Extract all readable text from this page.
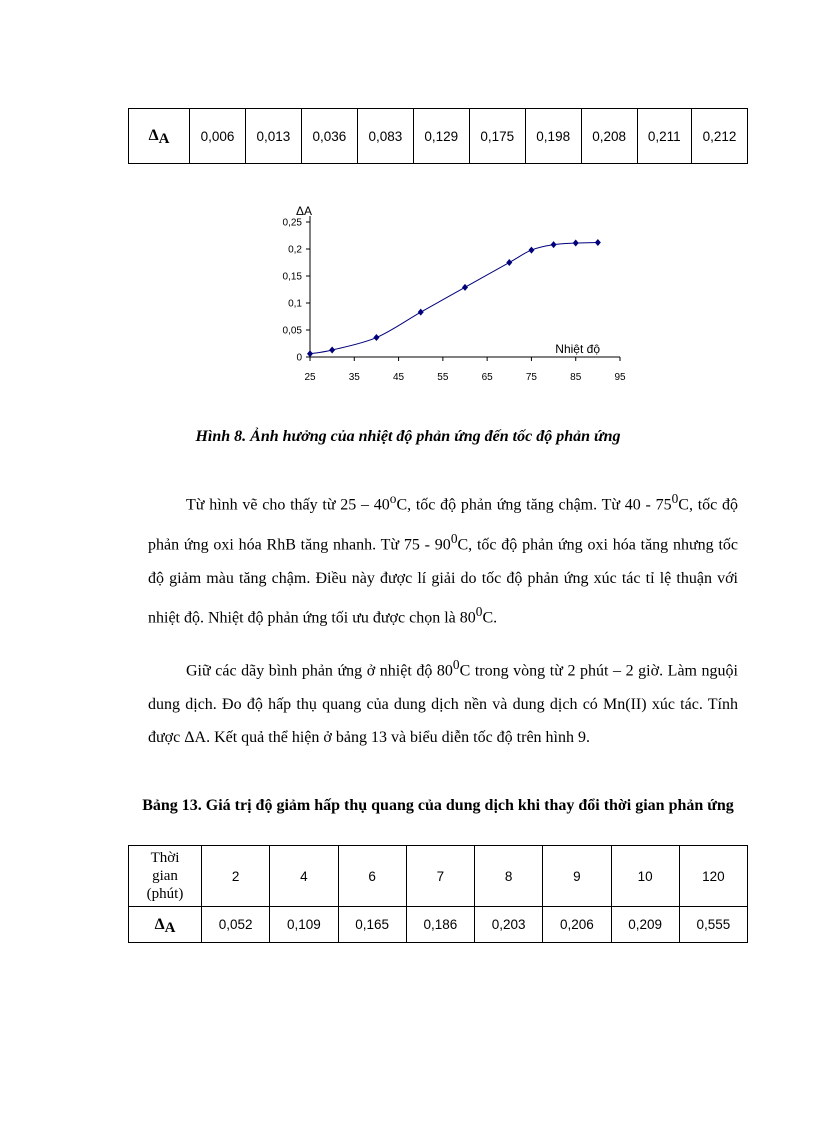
ΔA	0,006	0,013	0,036	0,083	0,129	0,175	0,198	0,208	0,211	0,212
0
0,05
0,1
0,15
0,2
0,25
25	35	45	55	65	75	85	95
ΔA
Nhiệt độ
Hình 8. Ảnh hưởng của nhiệt độ phản ứng đến tốc độ phản ứng

Từ hình vẽ cho thấy từ 25 – 40$^o$C, tốc độ phản ứng tăng chậm. Từ $40 - 75^0C$, tốc độ phản ứng oxi hóa RhB tăng nhanh. Từ $75 - 90^0C$, tốc độ phản ứng oxi hóa tăng nhưng tốc độ giảm màu tăng chậm. Điều này được lí giải do tốc độ phản ứng xúc tác tỉ lệ thuận với nhiệt độ. Nhiệt độ phản ứng tối ưu được chọn là $80^0C$.

Giữ các dãy bình phản ứng ở nhiệt độ $80^0C$ trong vòng từ 2 phút – 2 giờ. Làm nguội dung dịch. Đo độ hấp thụ quang của dung dịch nền và dung dịch có Mn(II) xúc tác. Tính được ΔA. Kết quả thể hiện ở bảng 13 và biểu diễn tốc độ trên hình 9.

Bảng 13. Giá trị độ giảm hấp thụ quang của dung dịch khi thay đổi thời gian phản ứng
Thời
gian
(phút)	2	4	6	7	8	9	10	120
ΔA	0,052	0,109	0,165	0,186	0,203	0,206	0,209	0,555
